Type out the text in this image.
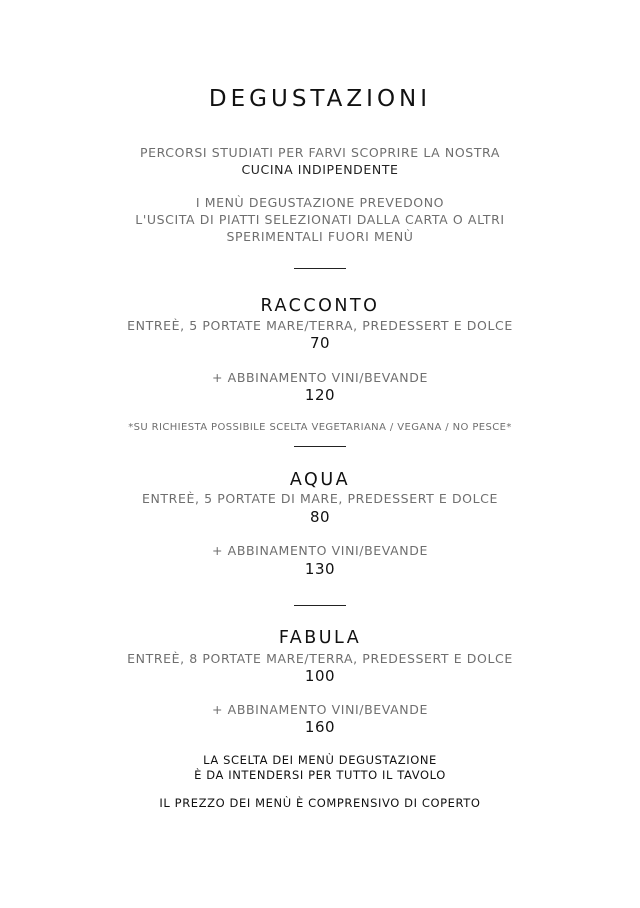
DEGUSTAZIONI
PERCORSI STUDIATI PER FARVI SCOPRIRE LA NOSTRA
CUCINA INDIPENDENTE
I MENÙ DEGUSTAZIONE PREVEDONO
L'USCITA DI PIATTI SELEZIONATI DALLA CARTA O ALTRI
SPERIMENTALI FUORI MENÙ
RACCONTO
ENTREÈ, 5 PORTATE MARE/TERRA, PREDESSERT E DOLCE
70
+ ABBINAMENTO VINI/BEVANDE
120
*SU RICHIESTA POSSIBILE SCELTA VEGETARIANA / VEGANA / NO PESCE*
AQUA
ENTREÈ, 5 PORTATE DI MARE, PREDESSERT E DOLCE
80
+ ABBINAMENTO VINI/BEVANDE
130
FABULA
ENTREÈ, 8 PORTATE MARE/TERRA, PREDESSERT E DOLCE
100
+ ABBINAMENTO VINI/BEVANDE
160
LA SCELTA DEI MENÙ DEGUSTAZIONE
È DA INTENDERSI PER TUTTO IL TAVOLO
IL PREZZO DEI MENÙ È COMPRENSIVO DI COPERTO
